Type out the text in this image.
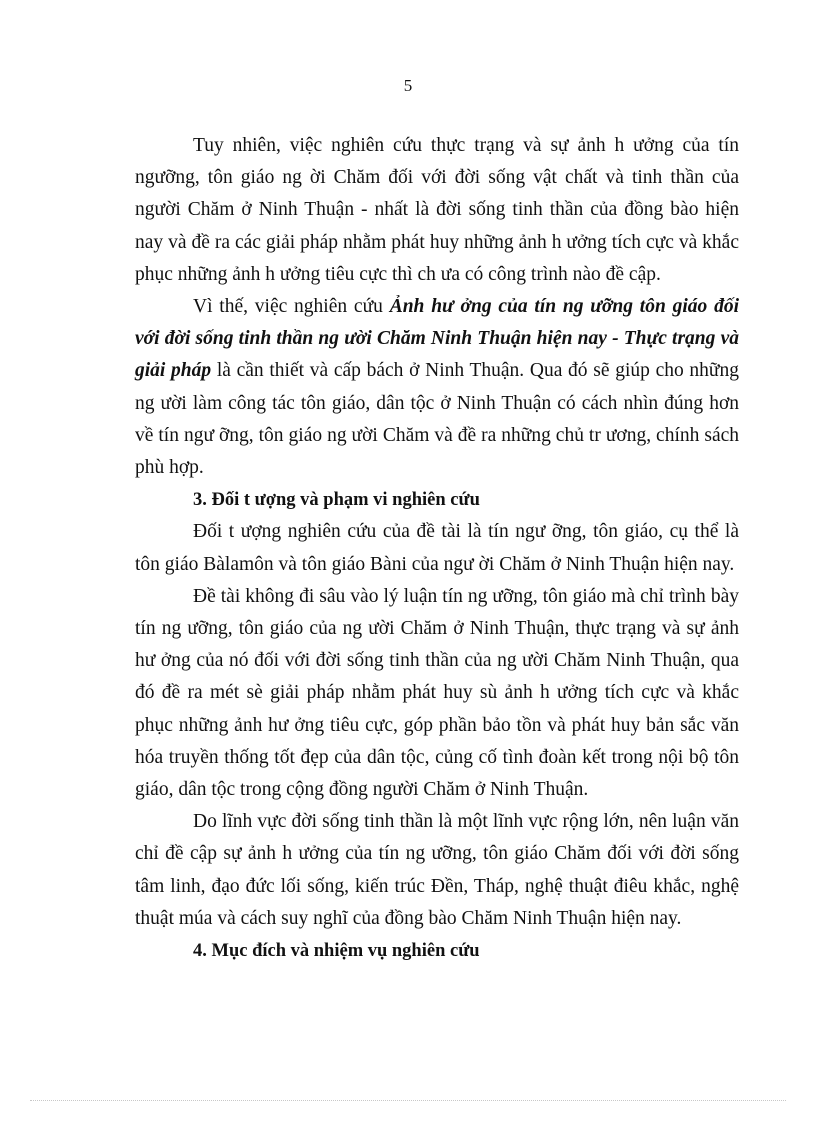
5

Tuy nhiên, việc nghiên cứu thực trạng và sự ảnh h ưởng của tín ngưỡng, tôn giáo ng ời Chăm đối với đời sống vật chất và tinh thần của người Chăm ở Ninh Thuận - nhất là đời sống tinh thần của đồng bào hiện nay và đề ra các giải pháp nhằm phát huy những ảnh h ưởng tích cực và khắc phục những ảnh h ưởng tiêu cực thì ch ưa có công trình nào đề cập.

Vì thế, việc nghiên cứu Ảnh hư ởng của tín ng ưỡng tôn giáo đối với đời sống tinh thần ng ười Chăm Ninh Thuận hiện nay - Thực trạng và giải pháp là cần thiết và cấp bách ở Ninh Thuận. Qua đó sẽ giúp cho những ng ười làm công tác tôn giáo, dân tộc ở Ninh Thuận có cách nhìn đúng hơn về tín ngư ỡng, tôn giáo ng ười Chăm và đề ra những chủ tr ương, chính sách phù hợp.

3. Đối t ượng và phạm vi nghiên cứu

Đối t ượng nghiên cứu của đề tài là tín ngư ỡng, tôn giáo, cụ thể là tôn giáo Bàlamôn và tôn giáo Bàni của ngư ời Chăm ở Ninh Thuận hiện nay.

Đề tài không đi sâu vào lý luận tín ng ưỡng, tôn giáo mà chỉ trình bày tín ng ưỡng, tôn giáo của ng ười Chăm ở Ninh Thuận, thực trạng và sự ảnh hư ởng của nó đối với đời sống tinh thần của ng ười Chăm Ninh Thuận, qua đó đề ra mét sè giải pháp nhằm phát huy sù ảnh h ưởng tích cực và khắc phục những ảnh hư ởng tiêu cực, góp phần bảo tồn và phát huy bản sắc văn hóa truyền thống tốt đẹp của dân tộc, củng cố tình đoàn kết trong nội bộ tôn giáo, dân tộc trong cộng đồng người Chăm ở Ninh Thuận.

Do lĩnh vực đời sống tinh thần là một lĩnh vực rộng lớn, nên luận văn chỉ đề cập sự ảnh h ưởng của tín ng ưỡng, tôn giáo Chăm đối với đời sống tâm linh, đạo đức lối sống, kiến trúc Đền, Tháp, nghệ thuật điêu khắc, nghệ thuật múa và cách suy nghĩ của đồng bào Chăm Ninh Thuận hiện nay.

4. Mục đích và nhiệm vụ nghiên cứu
